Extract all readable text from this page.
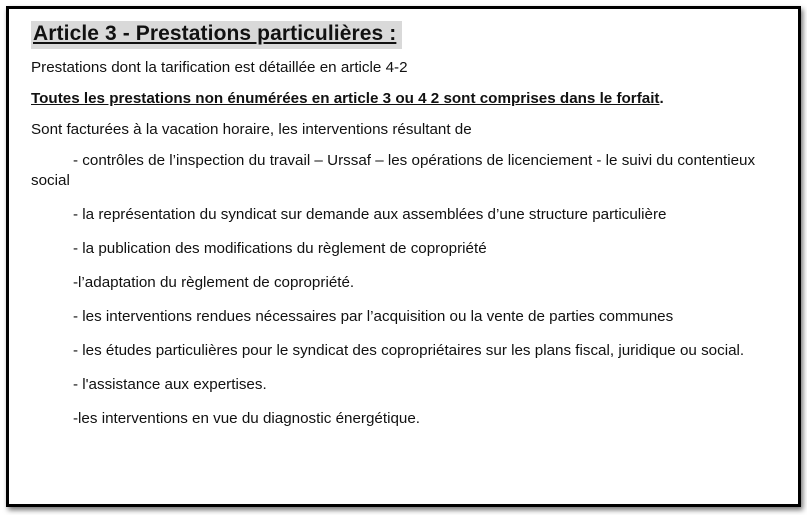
Article 3 - Prestations particulières :

Prestations dont la tarification est détaillée en article 4-2

Toutes les prestations non énumérées en article 3 ou 4 2 sont comprises dans le forfait.

Sont facturées à la vacation horaire, les interventions résultant de

- contrôles de l’inspection du travail – Urssaf – les opérations de licenciement - le suivi du contentieux social

- la représentation du syndicat sur demande aux assemblées d’une structure particulière

- la publication des modifications du règlement de copropriété

-l’adaptation du règlement de copropriété.

- les interventions rendues nécessaires par l’acquisition ou la vente de parties communes

- les études particulières pour le syndicat des copropriétaires sur les plans fiscal, juridique ou social.

- l'assistance aux expertises.

-les interventions en vue du diagnostic énergétique.
